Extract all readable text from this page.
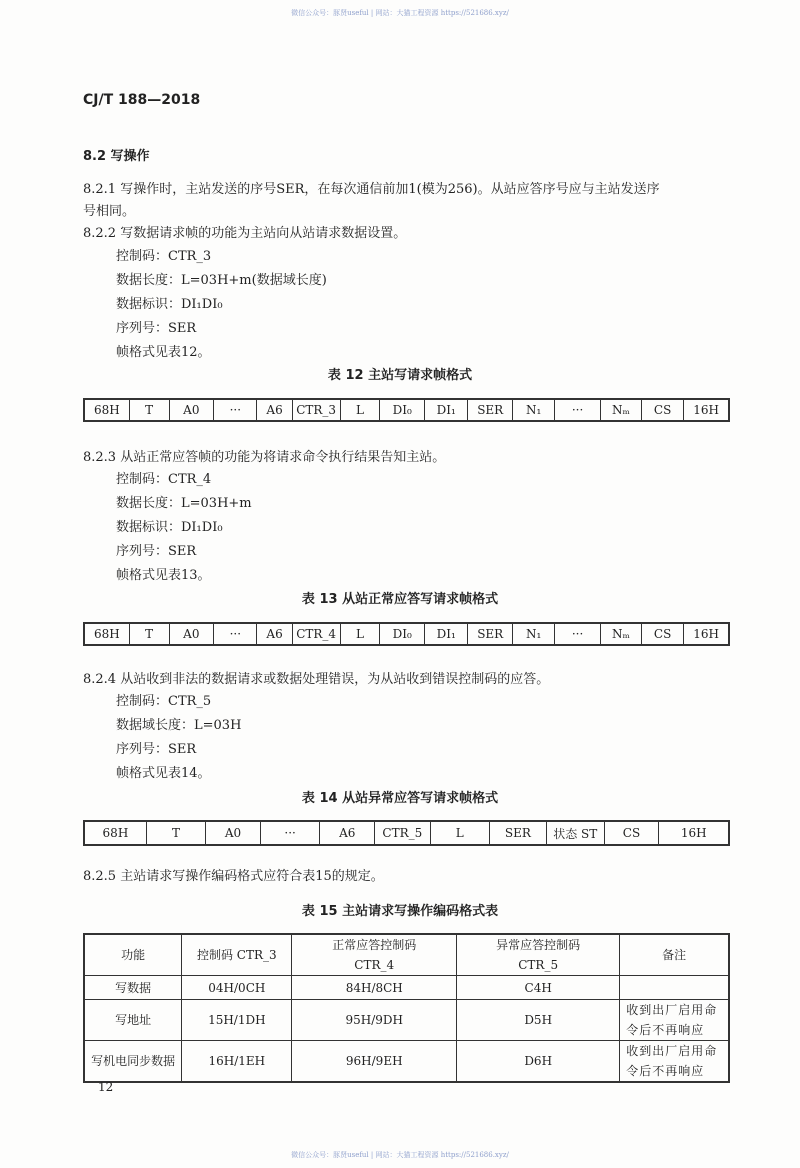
微信公众号：豚贤useful | 网站：大猫工程资源 https://521686.xyz/
CJ/T 188—2018
8.2 写操作
8.2.1 写操作时，主站发送的序号SER，在每次通信前加1(模为256)。从站应答序号应与主站发送序
号相同。
8.2.2 写数据请求帧的功能为主站向从站请求数据设置。
控制码：CTR_3
数据长度：L=03H+m(数据域长度)
数据标识：DI₁DI₀
序列号：SER
帧格式见表12。
表 12 主站写请求帧格式
68H	T	A0	···	A6	CTR_3	L	DI₀	DI₁	SER	N₁	···	Nₘ	CS	16H
8.2.3 从站正常应答帧的功能为将请求命令执行结果告知主站。
控制码：CTR_4
数据长度：L=03H+m
数据标识：DI₁DI₀
序列号：SER
帧格式见表13。
表 13 从站正常应答写请求帧格式
68H	T	A0	···	A6	CTR_4	L	DI₀	DI₁	SER	N₁	···	Nₘ	CS	16H
8.2.4 从站收到非法的数据请求或数据处理错误，为从站收到错误控制码的应答。
控制码：CTR_5
数据域长度：L=03H
序列号：SER
帧格式见表14。
表 14 从站异常应答写请求帧格式
68H	T	A0	···	A6	CTR_5	L	SER	状态 ST	CS	16H
8.2.5 主站请求写操作编码格式应符合表15的规定。
表 15 主站请求写操作编码格式表
功能	控制码 CTR_3	正常应答控制码 CTR_4	异常应答控制码 CTR_5	备注
写数据	04H/0CH	84H/8CH	C4H	
写地址	15H/1DH	95H/9DH	D5H	收到出厂启用命令后不再响应
写机电同步数据	16H/1EH	96H/9EH	D6H	收到出厂启用命令后不再响应
12
微信公众号：豚贤useful | 网站：大猫工程资源 https://521686.xyz/
